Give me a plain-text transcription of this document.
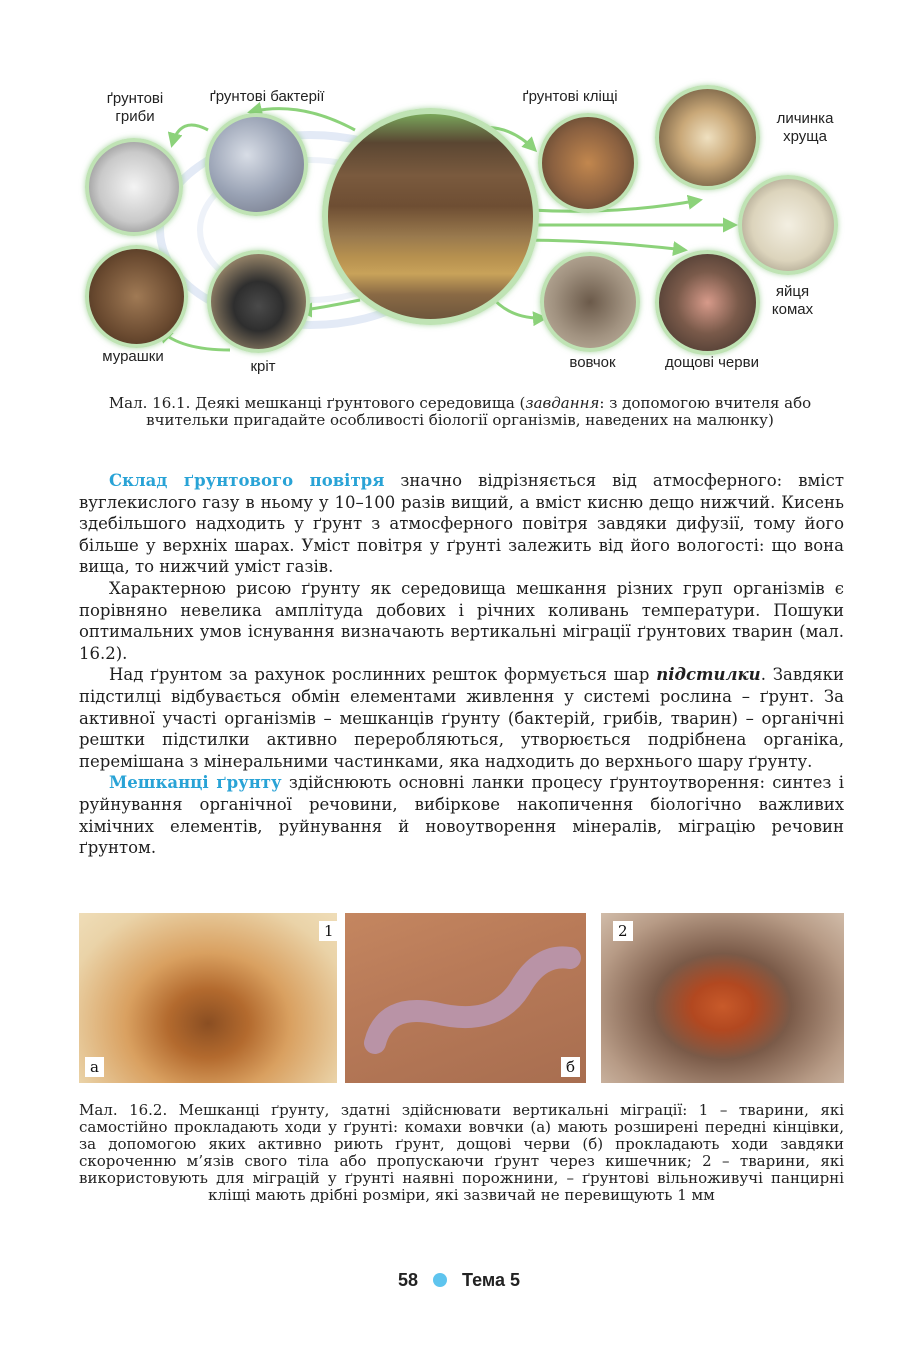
ґрунтові
гриби
ґрунтові бактерії	ґрунтові кліщі
личинка
хруща
яйця
комах
мурашки
кріт	вовчок	дощові черви
Мал. 16.1. Деякі мешканці ґрунтового середовища (завдання: з допомогою вчителя або вчительки пригадайте особливості біології організмів, наведених на малюнку)

Склад ґрунтового повітря значно відрізняється від атмосферного: вміст вуглекислого газу в ньому у 10–100 разів вищий, а вміст кисню дещо нижчий. Кисень здебільшого надходить у ґрунт з атмосферного повітря завдяки дифузії, тому його більше у верхніх шарах. Уміст повітря у ґрунті залежить від його вологості: що вона вища, то нижчий уміст газів.

Характерною рисою ґрунту як середовища мешкання різних груп організмів є порівняно невелика амплітуда добових і річних коливань температури. Пошуки оптимальних умов існування визначають вертикальні міграції ґрунтових тварин (мал. 16.2).

Над ґрунтом за рахунок рослинних решток формується шар підстилки. Завдяки підстилці відбувається обмін елементами живлення у системі рослина – ґрунт. За активної участі організмів – мешканців ґрунту (бактерій, грибів, тварин) – органічні рештки підстилки активно переробляються, утворюється подрібнена органіка, перемішана з мінеральними частинками, яка надходить до верхнього шару ґрунту.

Мешканці ґрунту здійснюють основні ланки процесу ґрунтоутворення: синтез і руйнування органічної речовини, вибіркове накопичення біологічно важливих хімічних елементів, руйнування й новоутворення мінералів, міграцію речовин ґрунтом.

а
1
б
2
Мал. 16.2. Мешканці ґрунту, здатні здійснювати вертикальні міграції: 1 – тварини, які самостійно прокладають ходи у ґрунті: комахи вовчки (а) мають розширені передні кінцівки, за допомогою яких активно риють ґрунт, дощові черви (б) прокладають ходи завдяки скороченню м’язів свого тіла або пропускаючи ґрунт через кишечник; 2 – тварини, які використовують для міграцій у ґрунті наявні порожнини, – ґрунтові вільноживучі панцирні кліщі мають дрібні розміри, які зазвичай не перевищують 1 мм
58 Тема 5
